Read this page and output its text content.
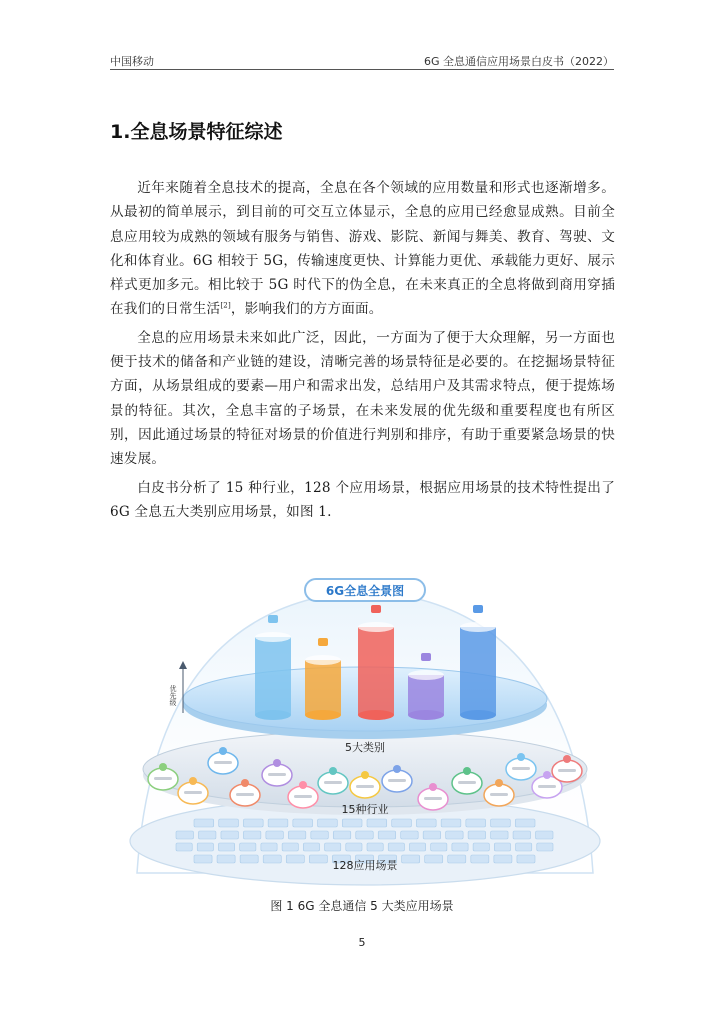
中国移动	6G 全息通信应用场景白皮书（2022）
1.全息场景特征综述

近年来随着全息技术的提高，全息在各个领域的应用数量和形式也逐渐增多。从最初的简单展示，到目前的可交互立体显示，全息的应用已经愈显成熟。目前全息应用较为成熟的领域有服务与销售、游戏、影院、新闻与舞美、教育、驾驶、文化和体育业。6G 相较于 5G，传输速度更快、计算能力更优、承载能力更好、展示样式更加多元。相比较于 5G 时代下的伪全息，在未来真正的全息将做到商用穿插在我们的日常生活[2]，影响我们的方方面面。

全息的应用场景未来如此广泛，因此，一方面为了便于大众理解，另一方面也便于技术的储备和产业链的建设，清晰完善的场景特征是必要的。在挖掘场景特征方面，从场景组成的要素—用户和需求出发，总结用户及其需求特点，便于提炼场景的特征。其次，全息丰富的子场景，在未来发展的优先级和重要程度也有所区别，因此通过场景的特征对场景的价值进行判别和排序，有助于重要紧急场景的快速发展。

白皮书分析了 15 种行业，128 个应用场景，根据应用场景的技术特性提出了 6G 全息五大类别应用场景，如图 1.

优先级
6G全息全景图
5大类别
15种行业
128应用场景
图 1 6G 全息通信 5 大类应用场景
5
